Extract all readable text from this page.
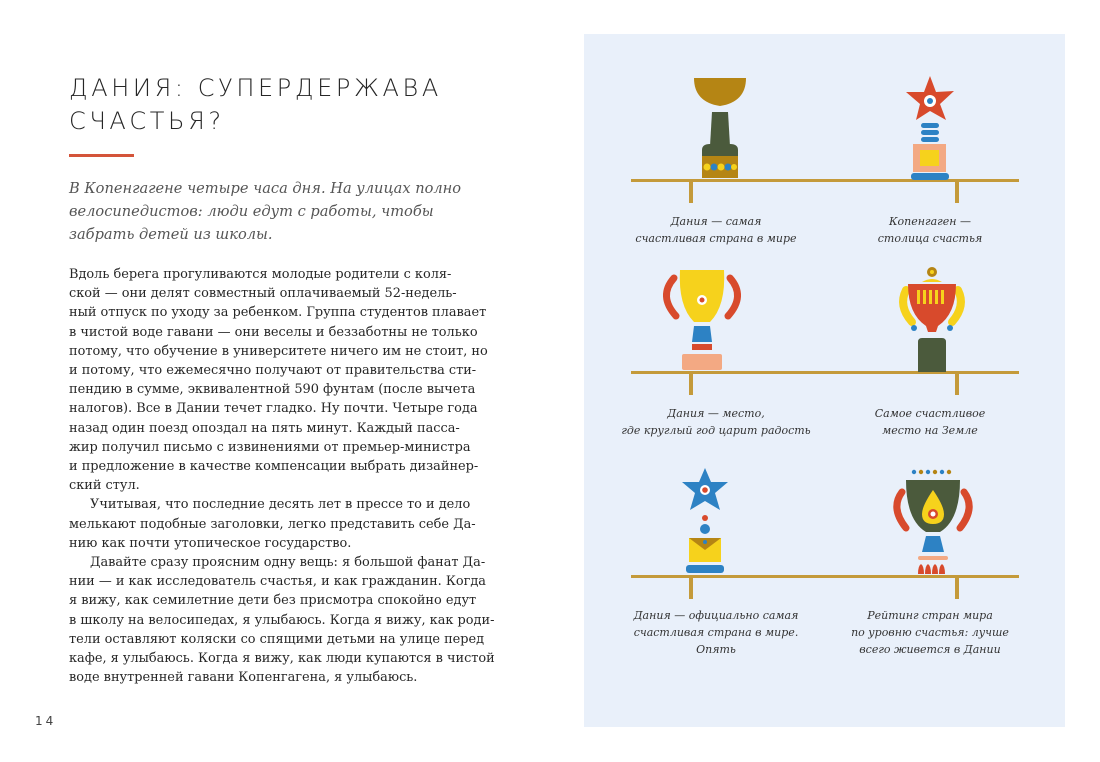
ДАНИЯ: СУПЕРДЕРЖАВА
СЧАСТЬЯ?

В Копенгагене четыре часа дня. На улицах полно
велосипедистов: люди едут с работы, чтобы
забрать детей из школы.

Вдоль берега прогуливаются молодые родители с коля-
ской — они делят совместный оплачиваемый 52-недель-
ный отпуск по уходу за ребенком. Группа студентов плавает
в чистой воде гавани — они веселы и беззаботны не только
потому, что обучение в университете ничего им не стоит, но
и потому, что ежемесячно получают от правительства сти-
пендию в сумме, эквивалентной 590 фунтам (после вычета
налогов). Все в Дании течет гладко. Ну почти. Четыре года
назад один поезд опоздал на пять минут. Каждый пасса-
жир получил письмо с извинениями от премьер-министра
и предложение в качестве компенсации выбрать дизайнер-
ский стул.
Учитывая, что последние десять лет в прессе то и дело
мелькают подобные заголовки, легко представить себе Да-
нию как почти утопическое государство.
Давайте сразу проясним одну вещь: я большой фанат Да-
нии — и как исследователь счастья, и как гражданин. Когда
я вижу, как семилетние дети без присмотра спокойно едут
в школу на велосипедах, я улыбаюсь. Когда я вижу, как роди-
тели оставляют коляски со спящими детьми на улице перед
кафе, я улыбаюсь. Когда я вижу, как люди купаются в чистой
воде внутренней гавани Копенгагена, я улыбаюсь.
14
Дания — самая
счастливая страна в мире
Копенгаген —
столица счастья
Дания — место,
где круглый год царит радость
Самое счастливое
место на Земле
Дания — официально самая
счастливая страна в мире.
Опять
Рейтинг стран мира
по уровню счастья: лучше
всего живется в Дании
